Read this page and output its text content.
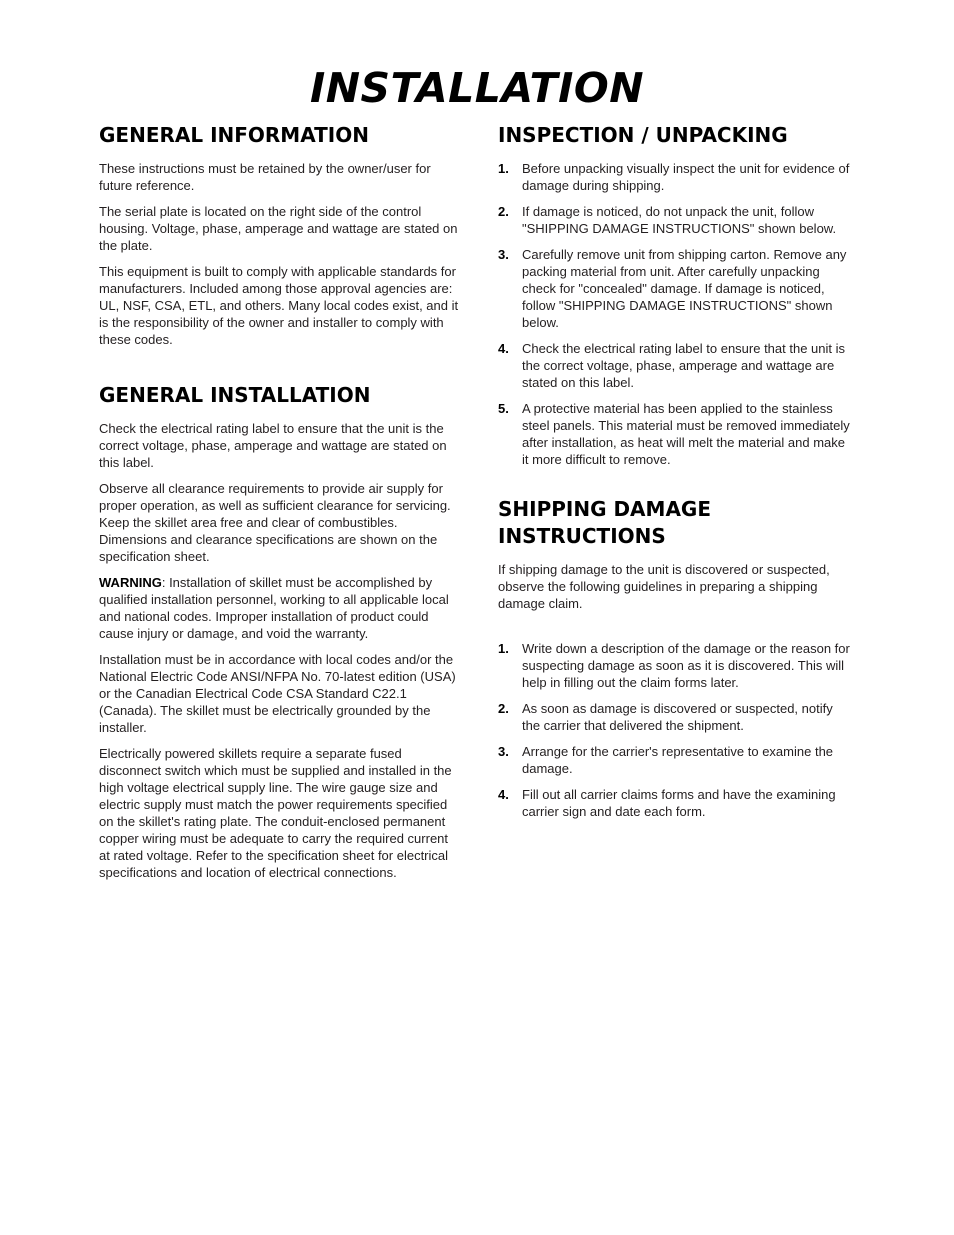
INSTALLATION
GENERAL INFORMATION

These instructions must be retained by the owner/user for future reference.

The serial plate is located on the right side of the control housing. Voltage, phase, amperage and wattage are stated on the plate.

This equipment is built to comply with applicable standards for manufacturers. Included among those approval agencies are: UL, NSF, CSA, ETL, and others. Many local codes exist, and it is the responsibility of the owner and installer to comply with these codes.

GENERAL INSTALLATION

Check the electrical rating label to ensure that the unit is the correct voltage, phase, amperage and wattage are stated on this label.

Observe all clearance requirements to provide air supply for proper operation, as well as sufficient clearance for servicing. Keep the skillet area free and clear of combustibles. Dimensions and clearance specifications are shown on the specification sheet.

WARNING: Installation of skillet must be accomplished by qualified installation personnel, working to all applicable local and national codes. Improper installation of product could cause injury or damage, and void the warranty.

Installation must be in accordance with local codes and/or the National Electric Code ANSI/NFPA No. 70-latest edition (USA) or the Canadian Electrical Code CSA Standard C22.1 (Canada). The skillet must be electrically grounded by the installer.

Electrically powered skillets require a separate fused disconnect switch which must be supplied and installed in the high voltage electrical supply line. The wire gauge size and electric supply must match the power requirements specified on the skillet's rating plate. The conduit-enclosed permanent copper wiring must be adequate to carry the required current at rated voltage. Refer to the specification sheet for electrical specifications and location of electrical connections.

INSPECTION / UNPACKING
1.	Before unpacking visually inspect the unit for evidence of damage during shipping.
2.	If damage is noticed, do not unpack the unit, follow "SHIPPING DAMAGE INSTRUCTIONS" shown below.
3.	Carefully remove unit from shipping carton. Remove any packing material from unit. After carefully unpacking check for "concealed" damage. If damage is noticed, follow "SHIPPING DAMAGE INSTRUCTIONS" shown below.
4.	Check the electrical rating label to ensure that the unit is the correct voltage, phase, amperage and wattage are stated on this label.
5.	A protective material has been applied to the stainless steel panels. This material must be removed immediately after installation, as heat will melt the material and make it more difficult to remove.
SHIPPING DAMAGE INSTRUCTIONS

If shipping damage to the unit is discovered or suspected, observe the following guidelines in preparing a shipping damage claim.

1.	Write down a description of the damage or the reason for suspecting damage as soon as it is discovered. This will help in filling out the claim forms later.
2.	As soon as damage is discovered or suspected, notify the carrier that delivered the shipment.
3.	Arrange for the carrier's representative to examine the damage.
4.	Fill out all carrier claims forms and have the examining carrier sign and date each form.
